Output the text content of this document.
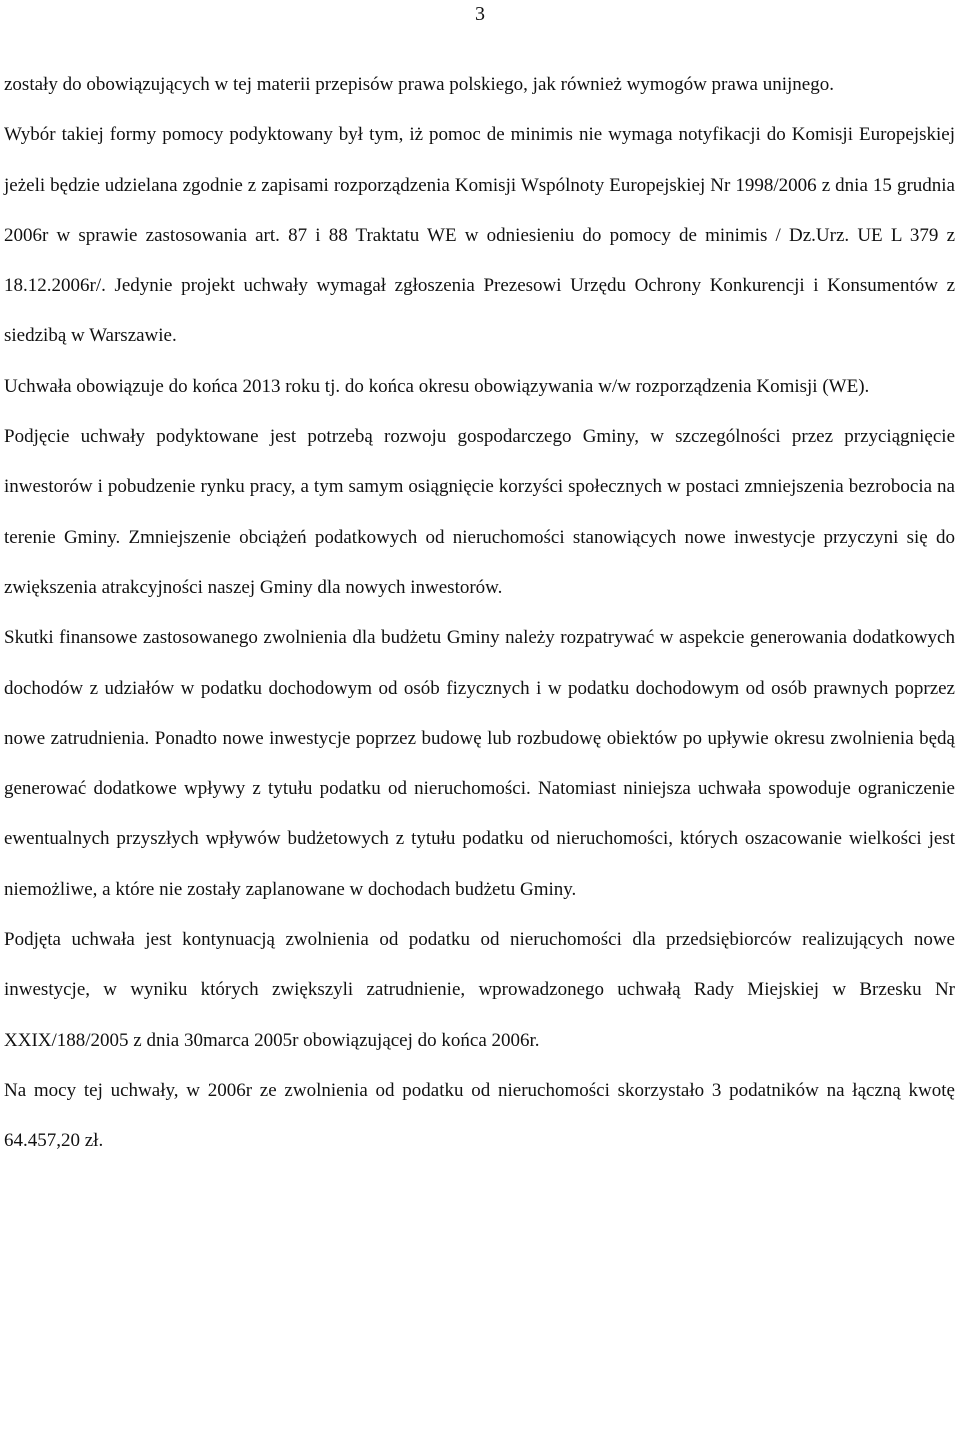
3

zostały do obowiązujących w tej materii przepisów prawa polskiego, jak również wymogów prawa unijnego.

Wybór takiej formy pomocy podyktowany był tym, iż pomoc de minimis nie wymaga notyfikacji do Komisji Europejskiej jeżeli będzie udzielana zgodnie z zapisami rozporządzenia Komisji Wspólnoty Europejskiej Nr 1998/2006 z dnia 15 grudnia 2006r w sprawie zastosowania art. 87 i 88 Traktatu WE w odniesieniu do pomocy de minimis / Dz.Urz. UE L 379 z 18.12.2006r/. Jedynie projekt uchwały wymagał zgłoszenia Prezesowi Urzędu Ochrony Konkurencji i Konsumentów z siedzibą w Warszawie.

Uchwała obowiązuje do końca 2013 roku tj. do końca okresu obowiązywania w/w rozporządzenia Komisji (WE).

Podjęcie uchwały podyktowane jest potrzebą rozwoju gospodarczego Gminy, w szczególności przez przyciągnięcie inwestorów i pobudzenie rynku pracy, a tym samym osiągnięcie korzyści społecznych w postaci zmniejszenia bezrobocia na terenie Gminy. Zmniejszenie obciążeń podatkowych od nieruchomości stanowiących nowe inwestycje przyczyni się do zwiększenia atrakcyjności naszej Gminy dla nowych inwestorów.

Skutki finansowe zastosowanego zwolnienia dla budżetu Gminy należy rozpatrywać w aspekcie generowania dodatkowych dochodów z udziałów w podatku dochodowym od osób fizycznych i w podatku dochodowym od osób prawnych poprzez nowe zatrudnienia. Ponadto nowe inwestycje poprzez budowę lub rozbudowę obiektów po upływie okresu zwolnienia będą generować dodatkowe wpływy z tytułu podatku od nieruchomości. Natomiast niniejsza uchwała spowoduje ograniczenie ewentualnych przyszłych wpływów budżetowych z tytułu podatku od nieruchomości, których oszacowanie wielkości jest niemożliwe, a które nie zostały zaplanowane w dochodach budżetu Gminy.

Podjęta uchwała jest kontynuacją zwolnienia od podatku od nieruchomości dla przedsiębiorców realizujących nowe inwestycje, w wyniku których zwiększyli zatrudnienie, wprowadzonego uchwałą Rady Miejskiej w Brzesku Nr XXIX/188/2005 z dnia 30marca 2005r obowiązującej do końca 2006r.

Na mocy tej uchwały, w 2006r ze zwolnienia od podatku od nieruchomości skorzystało 3 podatników na łączną kwotę 64.457,20 zł.
